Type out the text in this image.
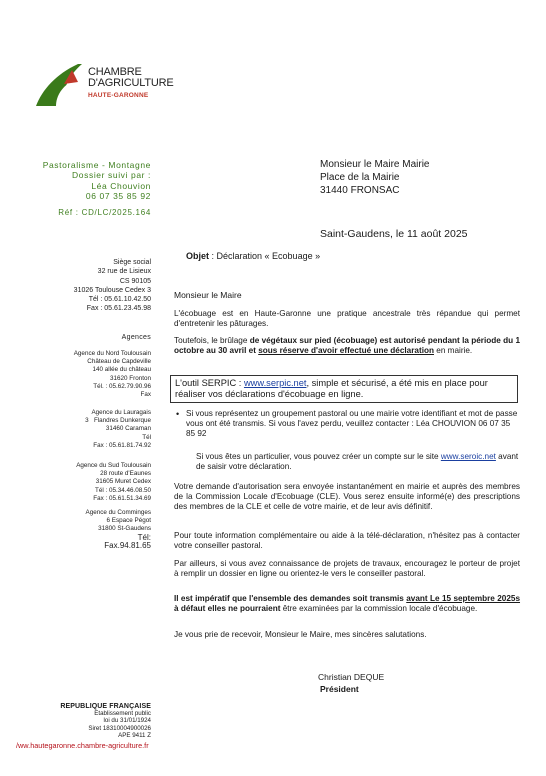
CHAMBRE
D'AGRICULTURE
HAUTE-GARONNE
Pastoralisme - Montagne
Dossier suivi par :
Léa Chouvion
06 07 35 85 92
Réf : CD/LC/2025.164
Monsieur le Maire Mairie
Place de la Mairie
31440 FRONSAC
Saint-Gaudens, le 11 août 2025
Objet : Déclaration « Ecobuage »
Siège social
32 rue de Lisieux
CS 90105
31026 Toulouse Cedex 3
Tél : 05.61.10.42.50
Fax : 05.61.23.45.98
Agences
Agence du Nord Toulousain
Château de Capdeville
140 allée du château
31620 Fronton
Tél. : 05.62.79.90.96
Fax
Agence du Lauragais
3 Flandres Dunkerque
31460 Caraman
Tél
Fax : 05.61.81.74.92
Agence du Sud Toulousain
28 route d'Eaunes
31605 Muret Cedex
Tél : 05.34.46.08.50
Fax : 05.61.51.34.69
Agence du Comminges
6 Espace Pégot
31800 St-Gaudens
Tél:
Fax.94.81.65
Monsieur le Maire
L'écobuage est en Haute-Garonne une pratique ancestrale très répandue qui permet d'entretenir les pâturages.
Toutefois, le brûlage de végétaux sur pied (écobuage) est autorisé pendant la période du 1 octobre au 30 avril et sous réserve d'avoir effectué une déclaration en mairie.
L'outil SERPIC : www.serpic.net, simple et sécurisé, a été mis en place pour réaliser vos déclarations d'écobuage en ligne.
• Si vous représentez un groupement pastoral ou une mairie votre identifiant et mot de passe vous ont été transmis. Si vous l'avez perdu, veuillez contacter : Léa CHOUVION 06 07 35 85 92
Si vous êtes un particulier, vous pouvez créer un compte sur le site www.seroic.net avant de saisir votre déclaration.
Votre demande d'autorisation sera envoyée instantanément en mairie et auprès des membres de la Commission Locale d'Ecobuage (CLE). Vous serez ensuite informé(e) des prescriptions des membres de la CLE et celle de votre mairie, et de leur avis définitif.
Pour toute information complémentaire ou aide à la télé-déclaration, n'hésitez pas à contacter votre conseiller pastoral.
Par ailleurs, si vous avez connaissance de projets de travaux, encouragez le porteur de projet à remplir un dossier en ligne ou orientez-le vers le conseiller pastoral.
Il est impératif que l'ensemble des demandes soit transmis avant Le 15 septembre 2025s à défaut elles ne pourraient être examinées par la commission locale d'écobuage.
Je vous prie de recevoir, Monsieur le Maire, mes sincères salutations.
Christian DEQUE
Président
REPUBLIQUE FRANÇAISE
Etablissement public
loi du 31/01/1924
Siret 18310004900026
APE 9411 Z
/ww.hautegaronne.chambre-agriculture.fr
